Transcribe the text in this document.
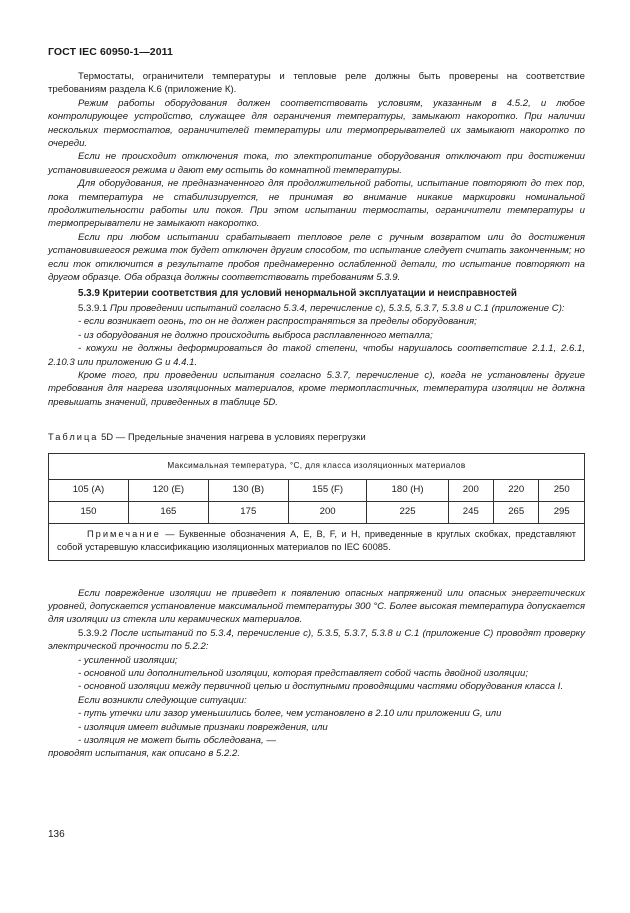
ГОСТ IEC 60950-1—2011

Термостаты, ограничители температуры и тепловые реле должны быть проверены на соответствие требованиям раздела К.6 (приложение К).

Режим работы оборудования должен соответствовать условиям, указанным в 4.5.2, и любое контролирующее устройство, служащее для ограничения температуры, замыкают накоротко. При наличии нескольких термостатов, ограничителей температуры или термопрерывателей их замыкают накоротко по очереди.

Если не происходит отключения тока, то электропитание оборудования отключают при достижении установившегося режима и дают ему остыть до комнатной температуры.

Для оборудования, не предназначенного для продолжительной работы, испытание повторяют до тех пор, пока температура не стабилизируется, не принимая во внимание никакие маркировки номинальной продолжительности работы или покоя. При этом испытании термостаты, ограничители температуры и термопрерыватели не замыкают накоротко.

Если при любом испытании срабатывает тепловое реле с ручным возвратом или до достижения установившегося режима ток будет отключен другим способом, то испытание следует считать законченным; но если ток отключится в результате пробоя преднамеренно ослабленной детали, то испытание повторяют на другом образце. Оба образца должны соответствовать требованиям 5.3.9.

5.3.9 Критерии соответствия для условий ненормальной эксплуатации и неисправностей

5.3.9.1 При проведении испытаний согласно 5.3.4, перечисление c), 5.3.5, 5.3.7, 5.3.8 и С.1 (приложение С):

- если возникает огонь, то он не должен распространяться за пределы оборудования;

- из оборудования не должно происходить выброса расплавленного металла;

- кожухи не должны деформироваться до такой степени, чтобы нарушалось соответствие 2.1.1, 2.6.1, 2.10.3 или приложению G и 4.4.1.

Кроме того, при проведении испытания согласно 5.3.7, перечисление с), когда не установлены другие требования для нагрева изоляционных материалов, кроме термопластичных, температура изоляции не должна превышать значений, приведенных в таблице 5D.

Таблица 5D — Предельные значения нагрева в условиях перегрузки
Максимальная температура, °С, для класса изоляционных материалов							
105 (A)	120 (E)	130 (B)	155 (F)	180 (H)	200	220	250
150	165	175	200	225	245	265	295

Примечание — Буквенные обозначения А, Е, В, F, и Н, приведенные в круглых скобках, представляют собой устаревшую классификацию изоляционных материалов по IEC 60085.							

Если повреждение изоляции не приведет к появлению опасных напряжений или опасных энергетических уровней, допускается установление максимальной температуры 300 °С. Более высокая температура допускается для изоляции из стекла или керамических материалов.

5.3.9.2 После испытаний по 5.3.4, перечисление с), 5.3.5, 5.3.7, 5.3.8 и С.1 (приложение С) проводят проверку электрической прочности по 5.2.2:

- усиленной изоляции;

- основной или дополнительной изоляции, которая представляет собой часть двойной изоляции;

- основной изоляции между первичной цепью и доступными проводящими частями оборудования класса I.

Если возникли следующие ситуации:

- путь утечки или зазор уменьшились более, чем установлено в 2.10 или приложении G, или

- изоляция имеет видимые признаки повреждения, или

- изоляция не может быть обследована, —

проводят испытания, как описано в 5.2.2.

136
